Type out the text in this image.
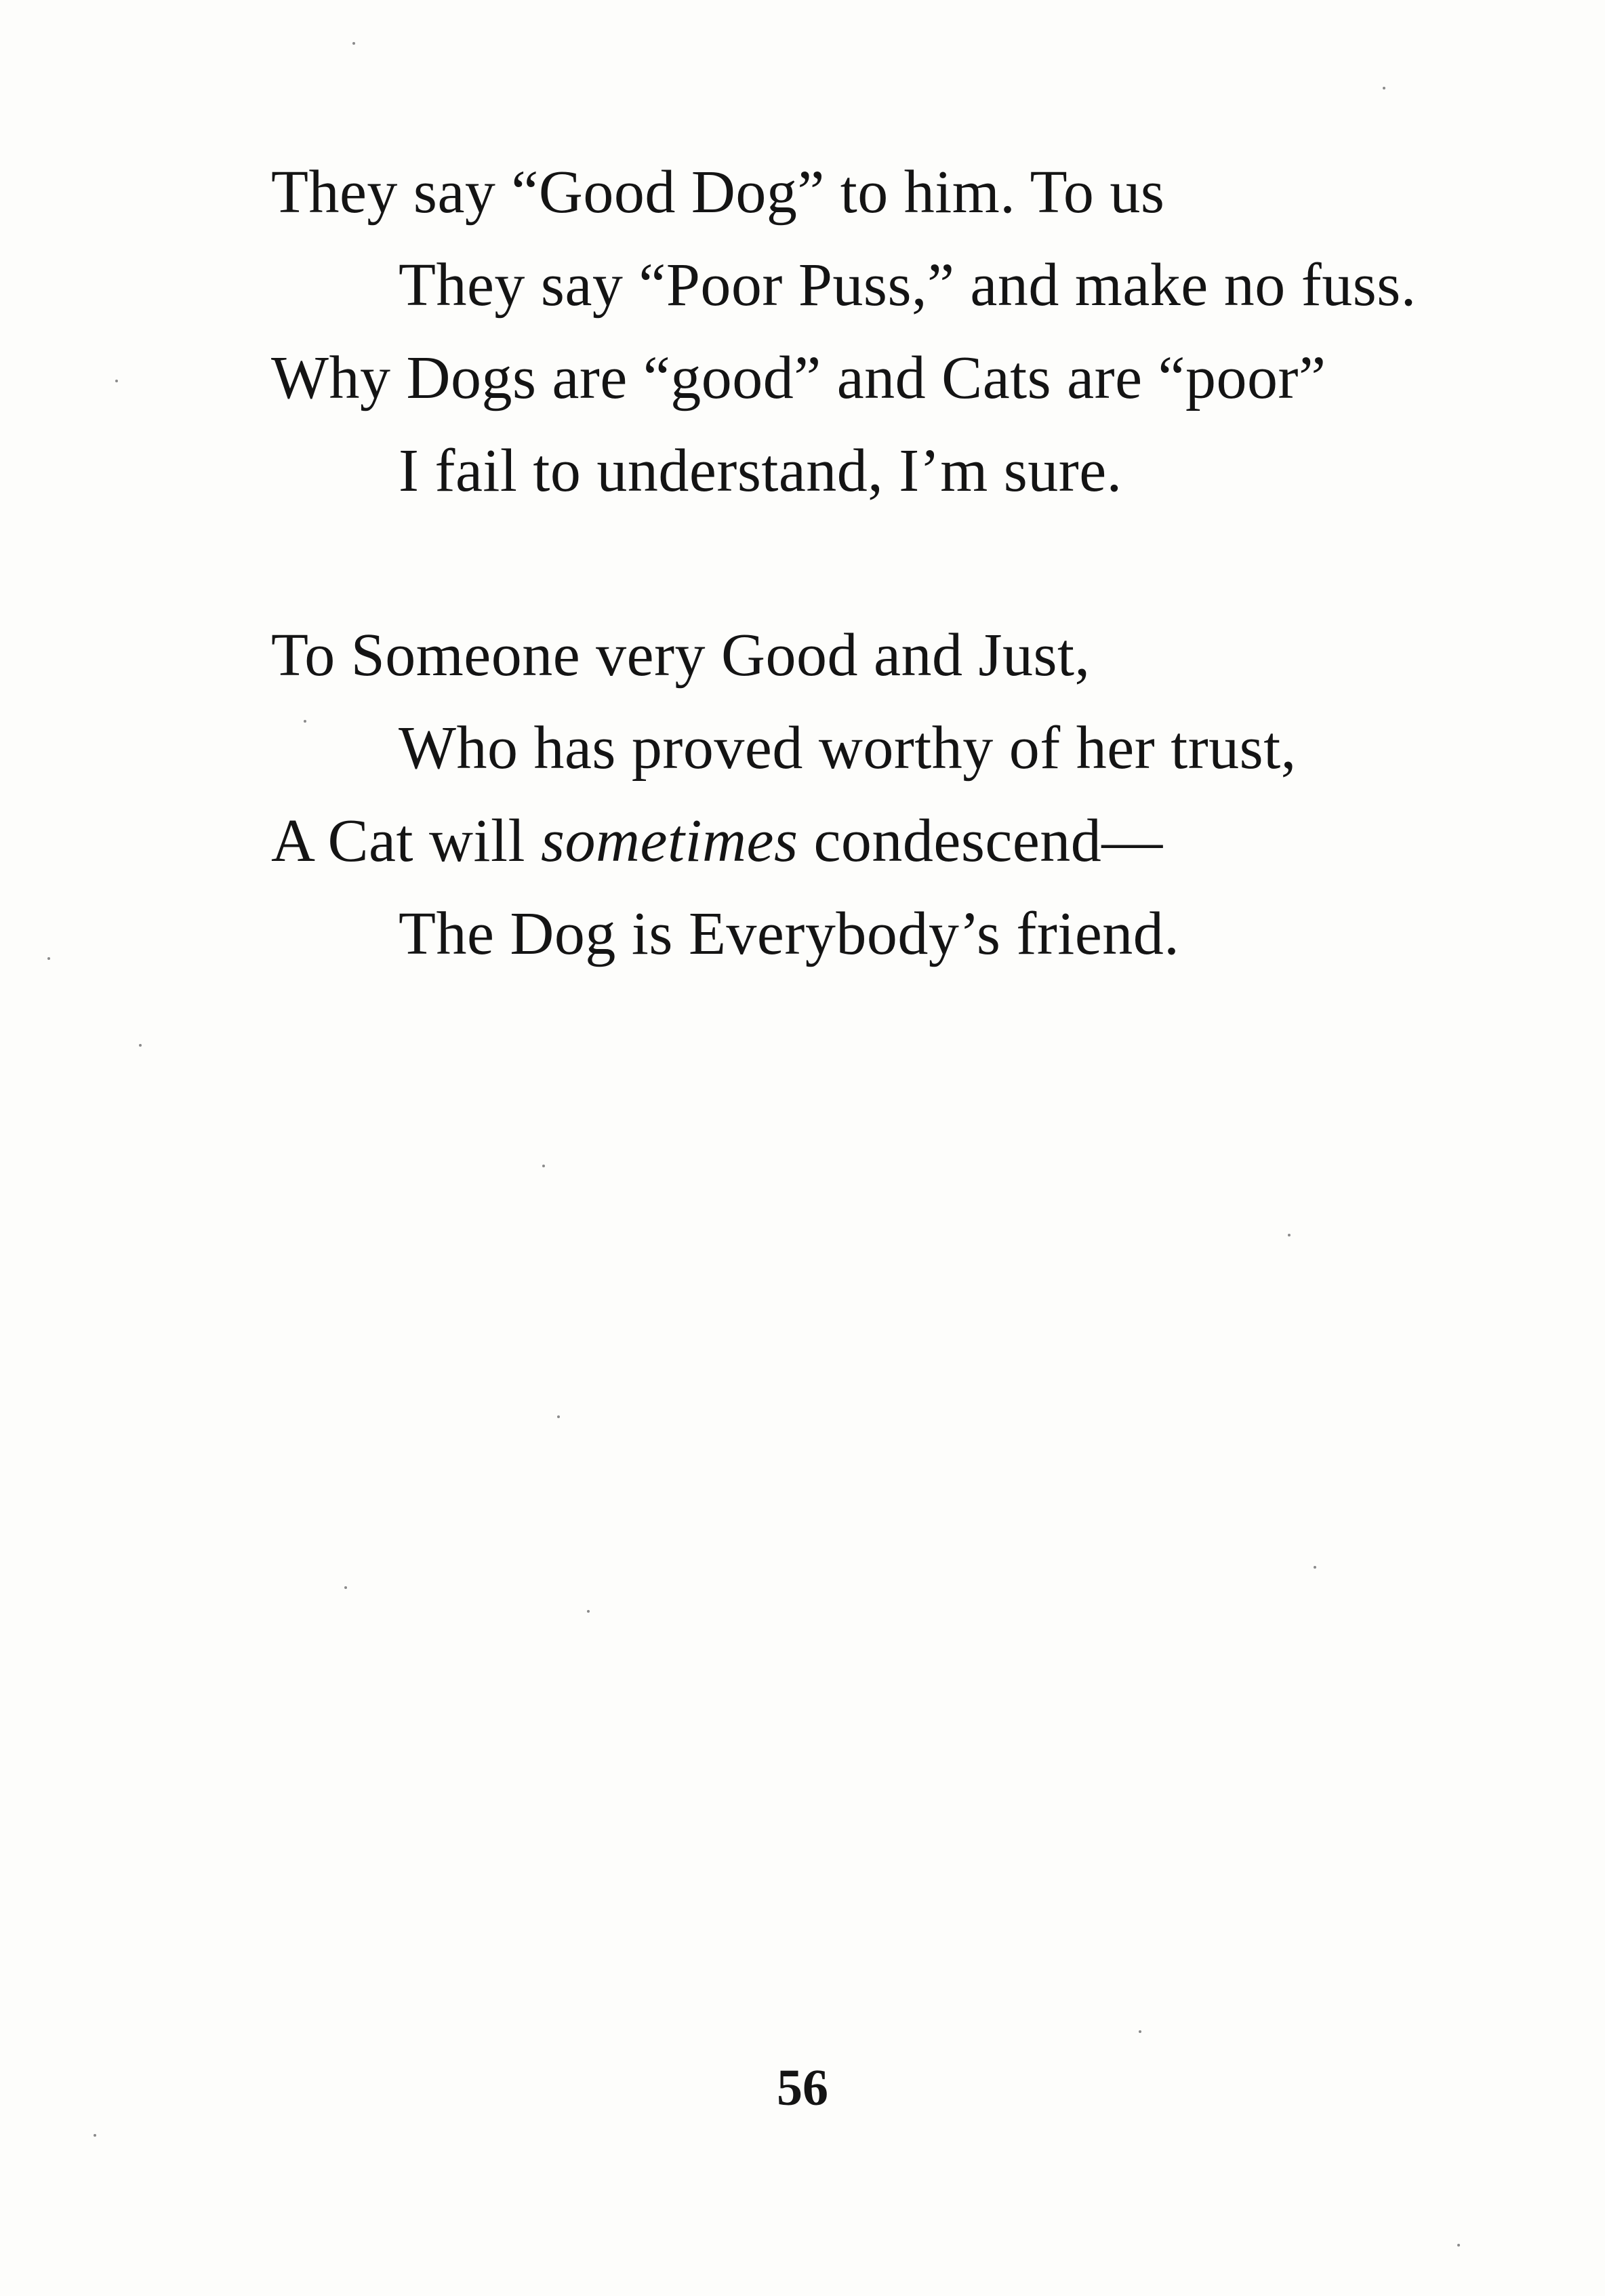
They say “Good Dog” to him. To us
They say “Poor Puss,” and make no fuss.
Why Dogs are “good” and Cats are “poor”
I fail to understand, I’m sure.
To Someone very Good and Just,
Who has proved worthy of her trust,
A Cat will sometimes condescend—
The Dog is Everybody’s friend.
56
